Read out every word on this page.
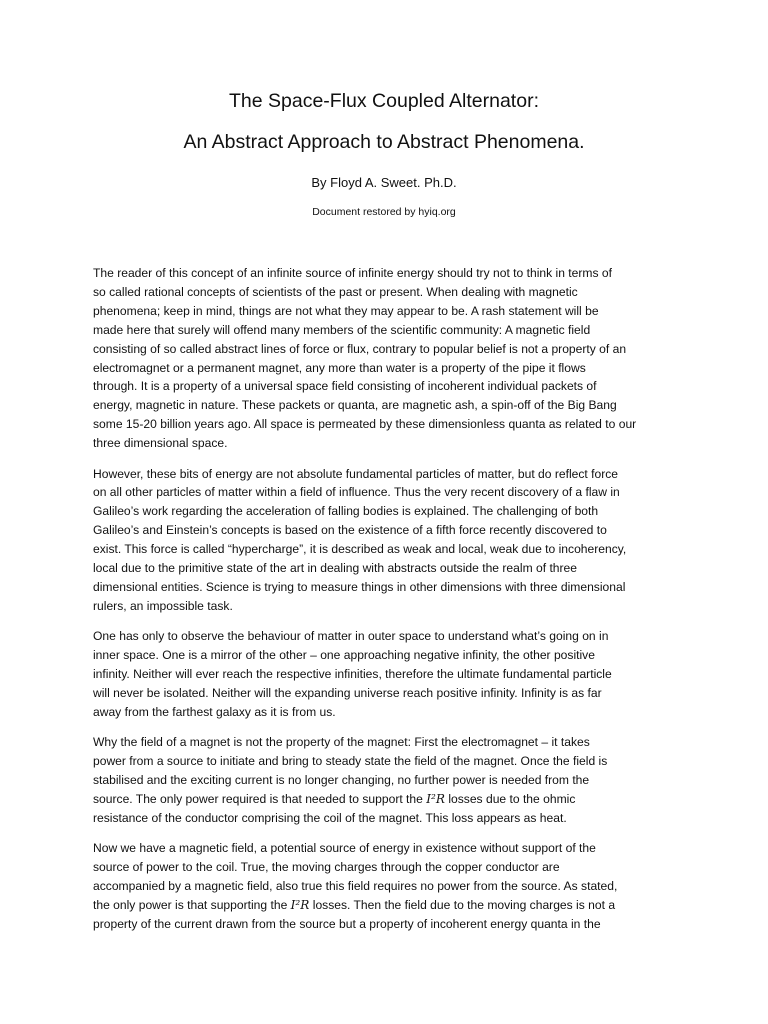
The Space-Flux Coupled Alternator:
An Abstract Approach to Abstract Phenomena.

By Floyd A. Sweet. Ph.D.

Document restored by hyiq.org

The reader of this concept of an infinite source of infinite energy should try not to think in terms of
so called rational concepts of scientists of the past or present. When dealing with magnetic
phenomena; keep in mind, things are not what they may appear to be. A rash statement will be
made here that surely will offend many members of the scientific community: A magnetic field
consisting of so called abstract lines of force or flux, contrary to popular belief is not a property of an
electromagnet or a permanent magnet, any more than water is a property of the pipe it flows
through. It is a property of a universal space field consisting of incoherent individual packets of
energy, magnetic in nature. These packets or quanta, are magnetic ash, a spin-off of the Big Bang
some 15-20 billion years ago. All space is permeated by these dimensionless quanta as related to our
three dimensional space.
However, these bits of energy are not absolute fundamental particles of matter, but do reflect force
on all other particles of matter within a field of influence. Thus the very recent discovery of a flaw in
Galileo’s work regarding the acceleration of falling bodies is explained. The challenging of both
Galileo’s and Einstein’s concepts is based on the existence of a fifth force recently discovered to
exist. This force is called “hypercharge”, it is described as weak and local, weak due to incoherency,
local due to the primitive state of the art in dealing with abstracts outside the realm of three
dimensional entities. Science is trying to measure things in other dimensions with three dimensional
rulers, an impossible task.
One has only to observe the behaviour of matter in outer space to understand what’s going on in
inner space. One is a mirror of the other – one approaching negative infinity, the other positive
infinity. Neither will ever reach the respective infinities, therefore the ultimate fundamental particle
will never be isolated. Neither will the expanding universe reach positive infinity. Infinity is as far
away from the farthest galaxy as it is from us.
Why the field of a magnet is not the property of the magnet: First the electromagnet – it takes
power from a source to initiate and bring to steady state the field of the magnet. Once the field is
stabilised and the exciting current is no longer changing, no further power is needed from the
source. The only power required is that needed to support the I²R losses due to the ohmic
resistance of the conductor comprising the coil of the magnet. This loss appears as heat.
Now we have a magnetic field, a potential source of energy in existence without support of the
source of power to the coil. True, the moving charges through the copper conductor are
accompanied by a magnetic field, also true this field requires no power from the source. As stated,
the only power is that supporting the I²R losses. Then the field due to the moving charges is not a
property of the current drawn from the source but a property of incoherent energy quanta in the
